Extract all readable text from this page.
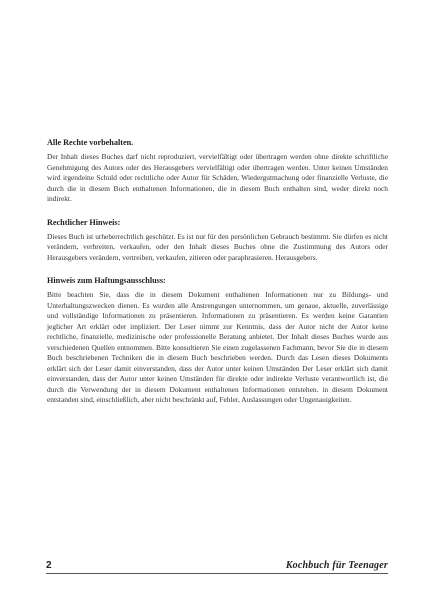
Alle Rechte vorbehalten.

Der Inhalt dieses Buches darf nicht reproduziert, vervielfältigt oder übertragen werden ohne direkte schriftliche Genehmigung des Autors oder des Herausgebers vervielfältigt oder übertragen werden. Unter keinen Umständen wird irgendeine Schuld oder rechtliche oder Autor für Schäden, Wiedergutmachung oder finanzielle Verluste, die durch die in diesem Buch enthaltenen Informationen, die in diesem Buch enthalten sind, weder direkt noch indirekt.

Rechtlicher Hinweis:

Dieses Buch ist urheberrechtlich geschützt. Es ist nur für den persönlichen Gebrauch bestimmt. Sie dürfen es nicht verändern, verbreiten, verkaufen, oder den Inhalt dieses Buches ohne die Zustimmung des Autors oder Herausgebers verändern, vertreiben, verkaufen, zitieren oder paraphrasieren. Herausgebers.

Hinweis zum Haftungsausschluss:

Bitte beachten Sie, dass die in diesem Dokument enthaltenen Informationen nur zu Bildungs- und Unterhaltungszwecken dienen. Es wurden alle Anstrengungen unternommen, um genaue, aktuelle, zuverlässige und vollständige Informationen zu präsentieren. Informationen zu präsentieren. Es werden keine Garantien jeglicher Art erklärt oder impliziert. Der Leser nimmt zur Kenntnis, dass der Autor nicht der Autor keine rechtliche, finanzielle, medizinische oder professionelle Beratung anbietet. Der Inhalt dieses Buches wurde aus verschiedenen Quellen entnommen. Bitte konsultieren Sie einen zugelassenen Fachmann, bevor Sie die in diesem Buch beschriebenen Techniken die in diesem Buch beschrieben werden. Durch das Lesen dieses Dokuments erklärt sich der Leser damit einverstanden, dass der Autor unter keinen Umständen Der Leser erklärt sich damit einverstanden, dass der Autor unter keinen Umständen für direkte oder indirekte Verluste verantwortlich ist, die durch die Verwendung der in diesem Dokument enthaltenen Informationen entstehen. in diesem Dokument entstanden sind, einschließlich, aber nicht beschränkt auf, Fehler, Auslassungen oder Ungenauigkeiten.

2	Kochbuch für Teenager
